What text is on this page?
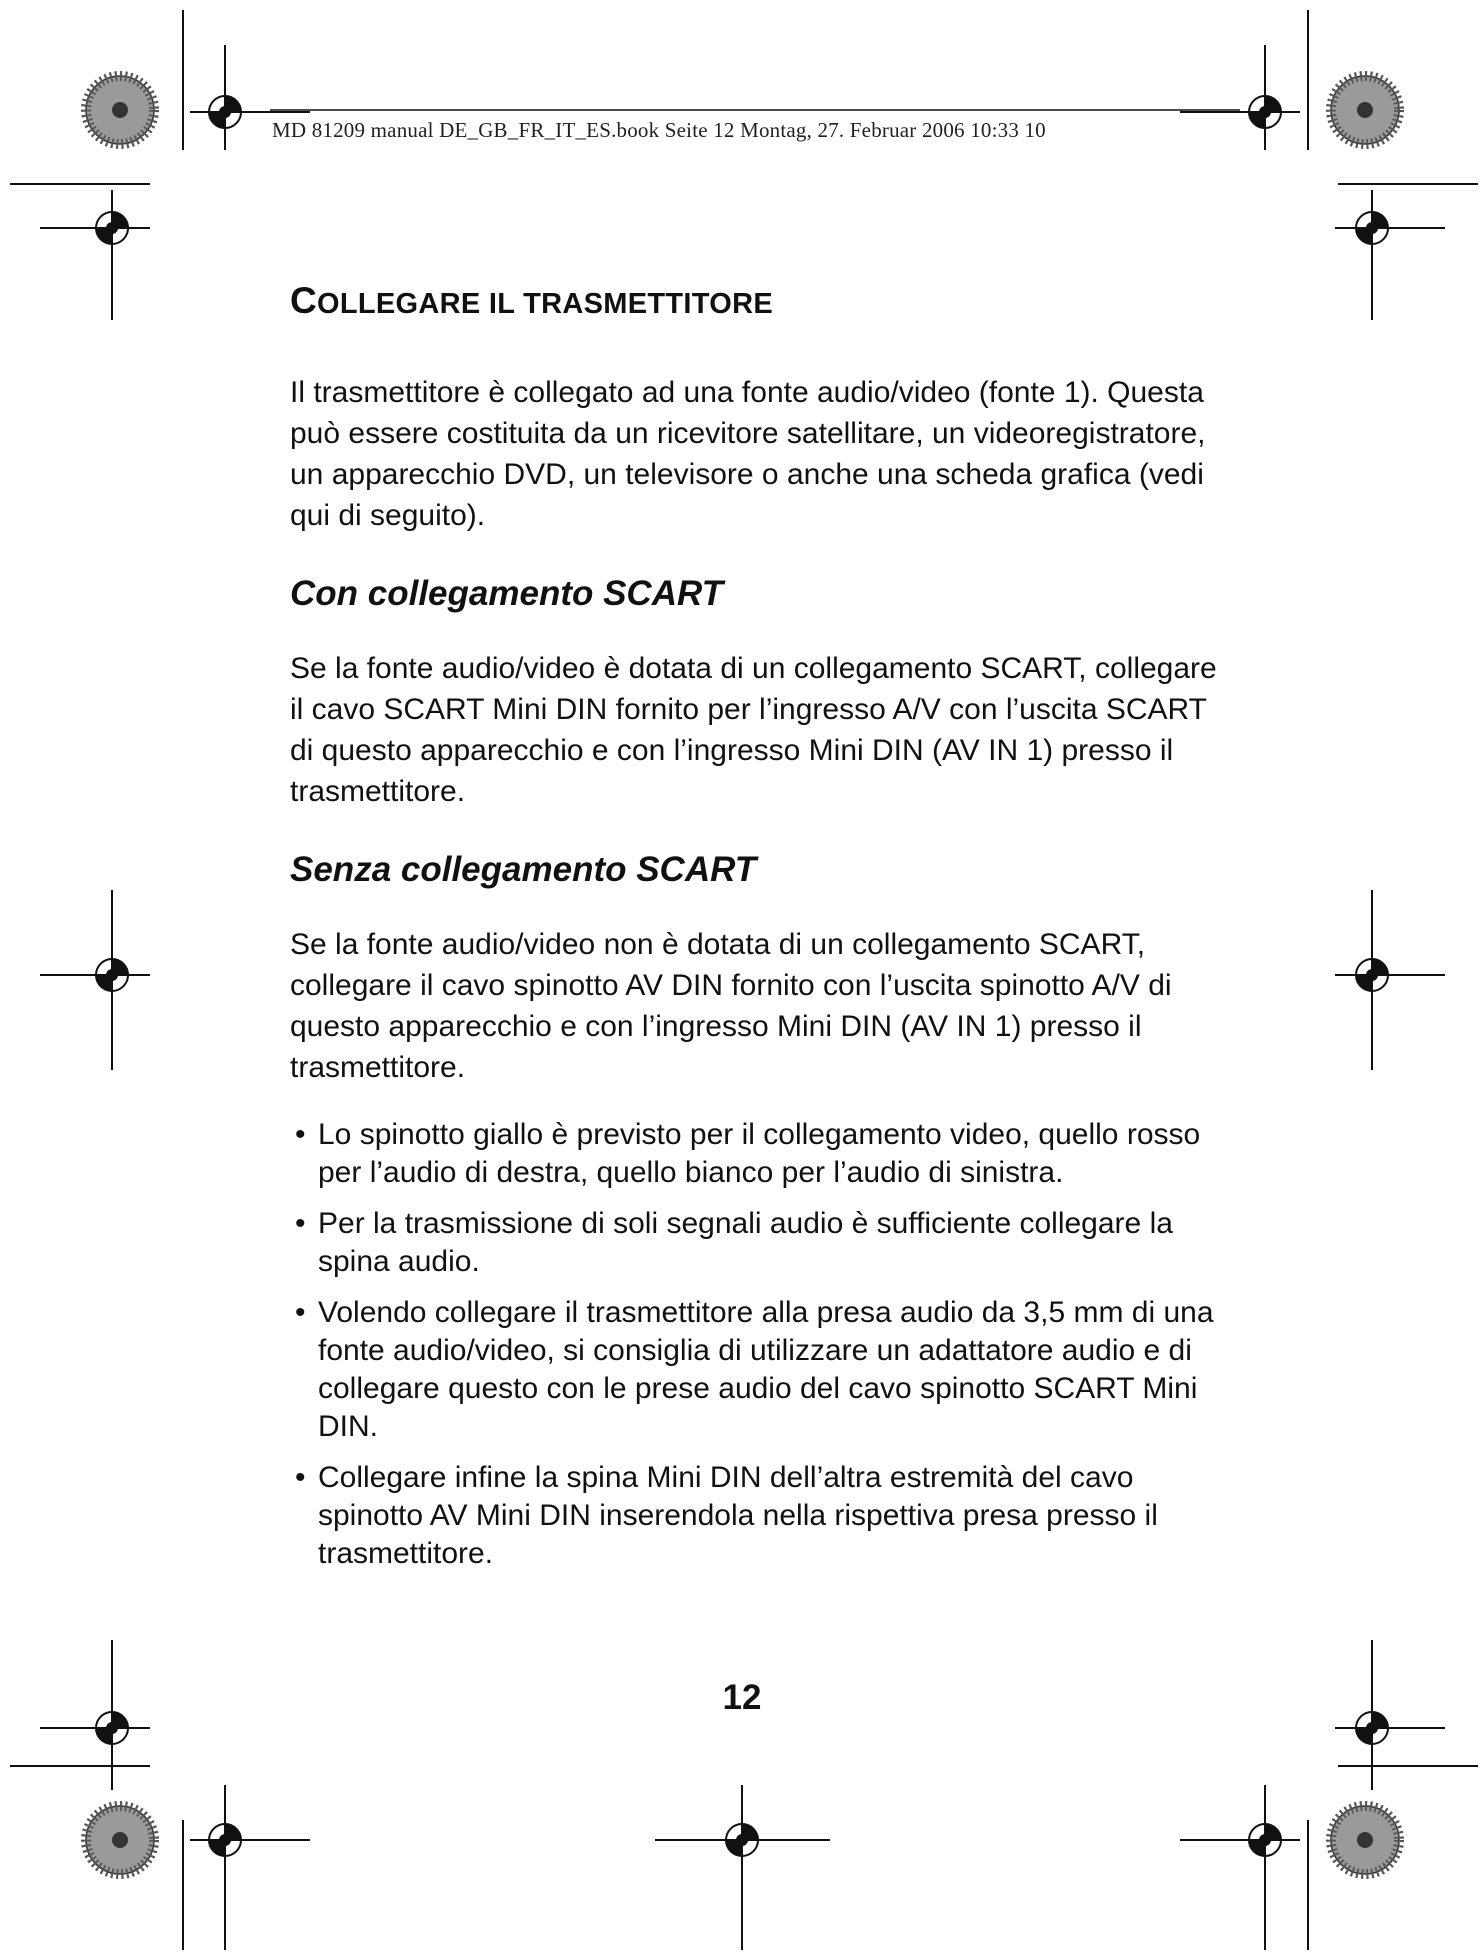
MD 81209 manual DE_GB_FR_IT_ES.book Seite 12 Montag, 27. Februar 2006 10:33 10
COLLEGARE IL TRASMETTITORE

Il trasmettitore è collegato ad una fonte audio/video (fonte 1). Questa può essere costituita da un ricevitore satellitare, un videoregistratore, un apparecchio DVD, un televisore o anche una scheda grafica (vedi qui di seguito).

Con collegamento SCART

Se la fonte audio/video è dotata di un collegamento SCART, collegare il cavo SCART Mini DIN fornito per l’ingresso A/V con l’uscita SCART di questo apparecchio e con l’ingresso Mini DIN (AV IN 1) presso il trasmettitore.

Senza collegamento SCART

Se la fonte audio/video non è dotata di un collegamento SCART, collegare il cavo spinotto AV DIN fornito con l’uscita spinotto A/V di questo apparecchio e con l’ingresso Mini DIN (AV IN 1) presso il trasmettitore.

• Lo spinotto giallo è previsto per il collegamento video, quello rosso per l’audio di destra, quello bianco per l’audio di sinistra.
• Per la trasmissione di soli segnali audio è sufficiente collegare la spina audio.
• Volendo collegare il trasmettitore alla presa audio da 3,5 mm di una fonte audio/video, si consiglia di utilizzare un adattatore audio e di collegare questo con le prese audio del cavo spinotto SCART Mini DIN.
• Collegare infine la spina Mini DIN dell’altra estremità del cavo spinotto AV Mini DIN inserendola nella rispettiva presa presso il trasmettitore.
12
